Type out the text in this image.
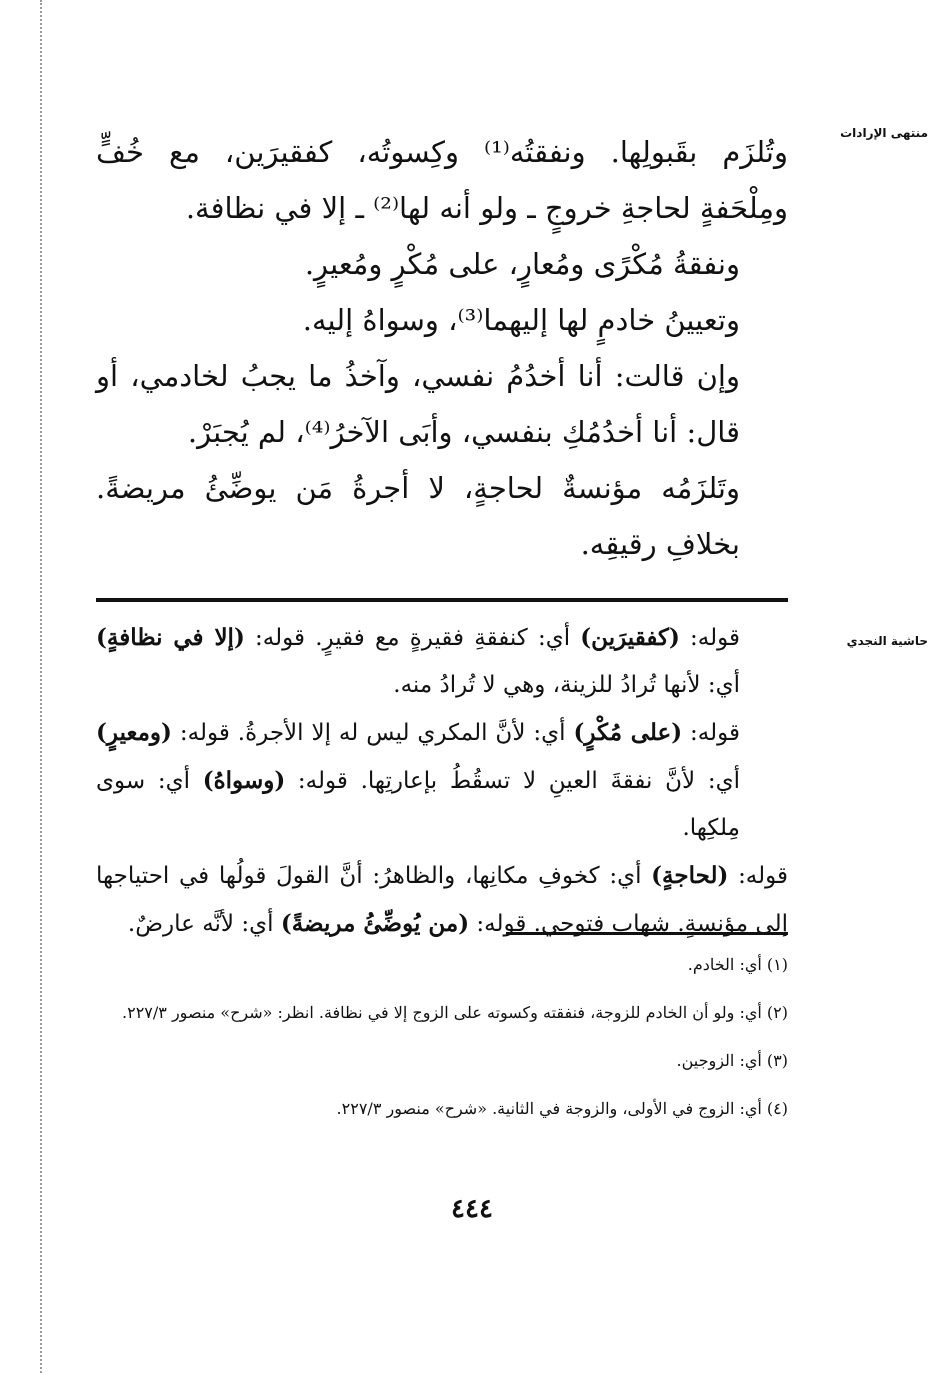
منتهى الإرادات
حاشية النجدي

وتُلزَم بقَبولِها. ونفقتُه⁽¹⁾ وكِسوتُه، كفقيرَين، مع خُفٍّ ومِلْحَفةٍ لحاجةِ خروجٍ ـ ولو أنه لها⁽²⁾ ـ إلا في نظافة.

ونفقةُ مُكْرًى ومُعارٍ، على مُكْرٍ ومُعيرٍ.

وتعيينُ خادمٍ لها إليهما⁽³⁾، وسواهُ إليه.

وإن قالت: أنا أخدُمُ نفسي، وآخذُ ما يجبُ لخادمي، أو قال: أنا أخدُمُكِ بنفسي، وأبَى الآخرُ⁽⁴⁾، لم يُجبَرْ.

وتَلزَمُه مؤنسةٌ لحاجةٍ، لا أجرةُ مَن يوضِّئُ مريضةً. بخلافِ رقيقِه.

قوله: (كفقيرَين) أي: كنفقةِ فقيرةٍ مع فقيرٍ. قوله: (إلا في نظافةٍ) أي: لأنها تُرادُ للزينة، وهي لا تُرادُ منه.

قوله: (على مُكْرٍ) أي: لأنَّ المكري ليس له إلا الأجرةُ. قوله: (ومعيرٍ) أي: لأنَّ نفقةَ العينِ لا تسقُطُ بإعارتِها. قوله: (وسواهُ) أي: سوى مِلكِها.

قوله: (لحاجةٍ) أي: كخوفِ مكانِها، والظاهرُ: أنَّ القولَ قولُها في احتياجها إلى مؤنسةٍ. شهاب فتوحي. قوله: (من يُوضِّئُ مريضةً) أي: لأنَّه عارضٌ.

(١) أي: الخادم.

(٢) أي: ولو أن الخادم للزوجة، فنفقته وكسوته على الزوج إلا في نظافة. انظر: «شرح» منصور ٢٢٧/٣.

(٣) أي: الزوجين.

(٤) أي: الزوج في الأولى، والزوجة في الثانية. «شرح» منصور ٢٢٧/٣.

٤٤٤
